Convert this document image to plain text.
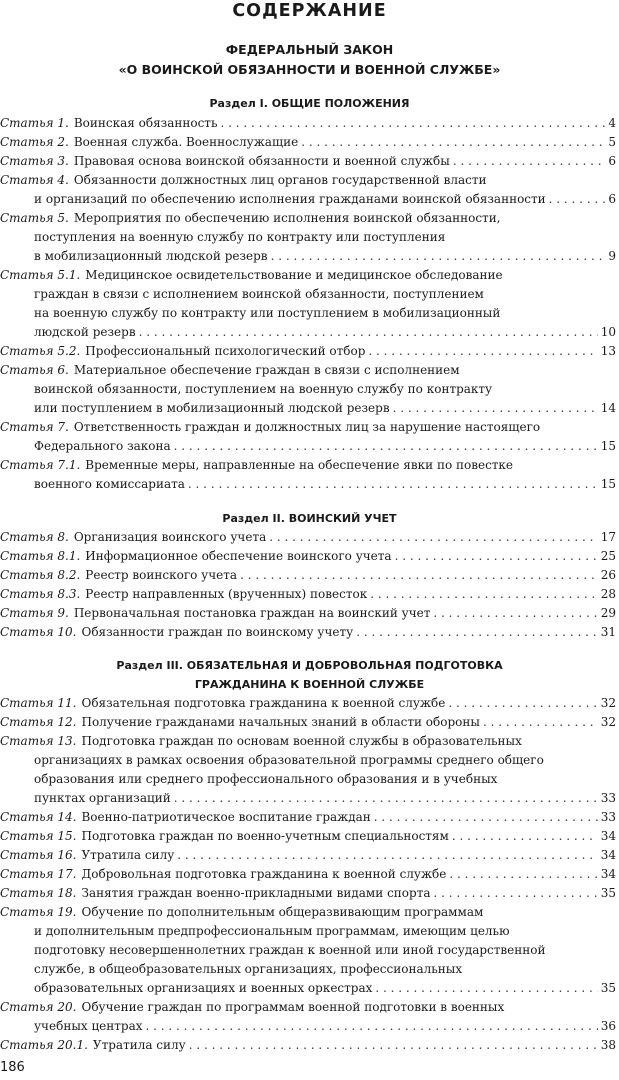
СОДЕРЖАНИЕ
ФЕДЕРАЛЬНЫЙ ЗАКОН
«О ВОИНСКОЙ ОБЯЗАННОСТИ И ВОЕННОЙ СЛУЖБЕ»
Раздел I. ОБЩИЕ ПОЛОЖЕНИЯ
Статья 1. Воинская обязанность . . .	4
Статья 2. Военная служба. Военнослужащие . . .	5
Статья 3. Правовая основа воинской обязанности и военной службы . . .	6
Статья 4. Обязанности должностных лиц органов государственной власти
и организаций по обеспечению исполнения гражданами воинской обязанности . . .	6
Статья 5. Мероприятия по обеспечению исполнения воинской обязанности,
поступления на военную службу по контракту или поступления
в мобилизационный людской резерв . . .	9
Статья 5.1. Медицинское освидетельствование и медицинское обследование
граждан в связи с исполнением воинской обязанности, поступлением
на военную службу по контракту или поступлением в мобилизационный
людской резерв . . .	10
Статья 5.2. Профессиональный психологический отбор . . .	13
Статья 6. Материальное обеспечение граждан в связи с исполнением
воинской обязанности, поступлением на военную службу по контракту
или поступлением в мобилизационный людской резерв . . .	14
Статья 7. Ответственность граждан и должностных лиц за нарушение настоящего
Федерального закона . . .	15
Статья 7.1. Временные меры, направленные на обеспечение явки по повестке
военного комиссариата . . .	15
Раздел II. ВОИНСКИЙ УЧЕТ
Статья 8. Организация воинского учета . . .	17
Статья 8.1. Информационное обеспечение воинского учета . . .	25
Статья 8.2. Реестр воинского учета . . .	26
Статья 8.3. Реестр направленных (врученных) повесток . . .	28
Статья 9. Первоначальная постановка граждан на воинский учет . . .	29
Статья 10. Обязанности граждан по воинскому учету . . .	31
Раздел III. ОБЯЗАТЕЛЬНАЯ И ДОБРОВОЛЬНАЯ ПОДГОТОВКА
ГРАЖДАНИНА К ВОЕННОЙ СЛУЖБЕ
Статья 11. Обязательная подготовка гражданина к военной службе . . .	32
Статья 12. Получение гражданами начальных знаний в области обороны . . .	32
Статья 13. Подготовка граждан по основам военной службы в образовательных
организациях в рамках освоения образовательной программы среднего общего
образования или среднего профессионального образования и в учебных
пунктах организаций . . .	33
Статья 14. Военно-патриотическое воспитание граждан . . .	33
Статья 15. Подготовка граждан по военно-учетным специальностям . . .	34
Статья 16. Утратила силу . . .	34
Статья 17. Добровольная подготовка гражданина к военной службе . . .	34
Статья 18. Занятия граждан военно-прикладными видами спорта . . .	35
Статья 19. Обучение по дополнительным общеразвивающим программам
и дополнительным предпрофессиональным программам, имеющим целью
подготовку несовершеннолетних граждан к военной или иной государственной
службе, в общеобразовательных организациях, профессиональных
образовательных организациях и военных оркестрах . . .	35
Статья 20. Обучение граждан по программам военной подготовки в военных
учебных центрах . . .	36
Статья 20.1. Утратила силу . . .	38
186
